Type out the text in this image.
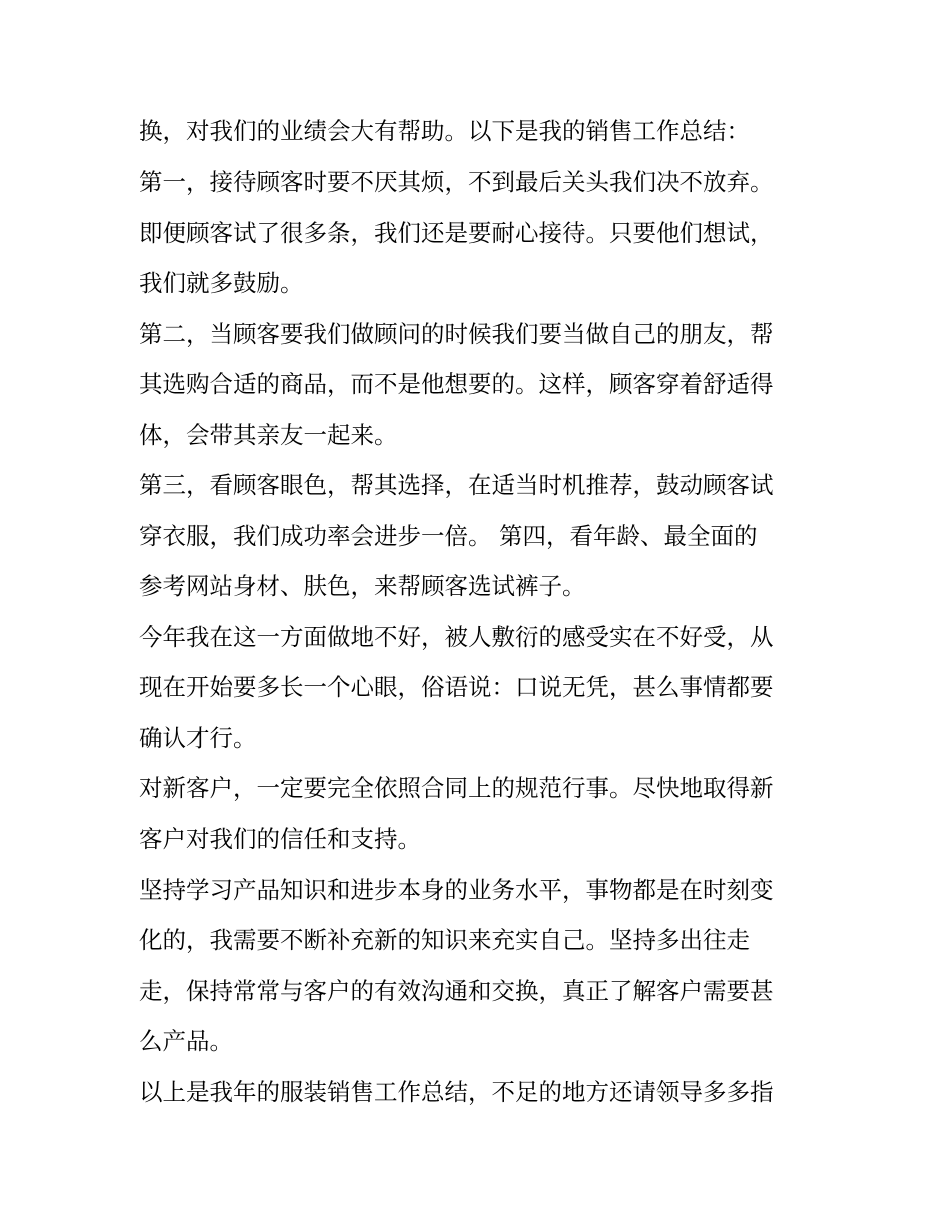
换，对我们的业绩会大有帮助。以下是我的销售工作总结：
第一，接待顾客时要不厌其烦，不到最后关头我们决不放弃。
即便顾客试了很多条，我们还是要耐心接待。只要他们想试，
我们就多鼓励。
第二，当顾客要我们做顾问的时候我们要当做自己的朋友，帮
其选购合适的商品，而不是他想要的。这样，顾客穿着舒适得
体，会带其亲友一起来。
第三，看顾客眼色，帮其选择，在适当时机推荐，鼓动顾客试
穿衣服，我们成功率会进步一倍。 第四，看年龄、最全面的
参考网站身材、肤色，来帮顾客选试裤子。
今年我在这一方面做地不好，被人敷衍的感受实在不好受，从
现在开始要多长一个心眼，俗语说：口说无凭，甚么事情都要
确认才行。
对新客户，一定要完全依照合同上的规范行事。尽快地取得新
客户对我们的信任和支持。
坚持学习产品知识和进步本身的业务水平，事物都是在时刻变
化的，我需要不断补充新的知识来充实自己。坚持多出往走
走，保持常常与客户的有效沟通和交换，真正了解客户需要甚
么产品。
以上是我年的服装销售工作总结，不足的地方还请领导多多指
